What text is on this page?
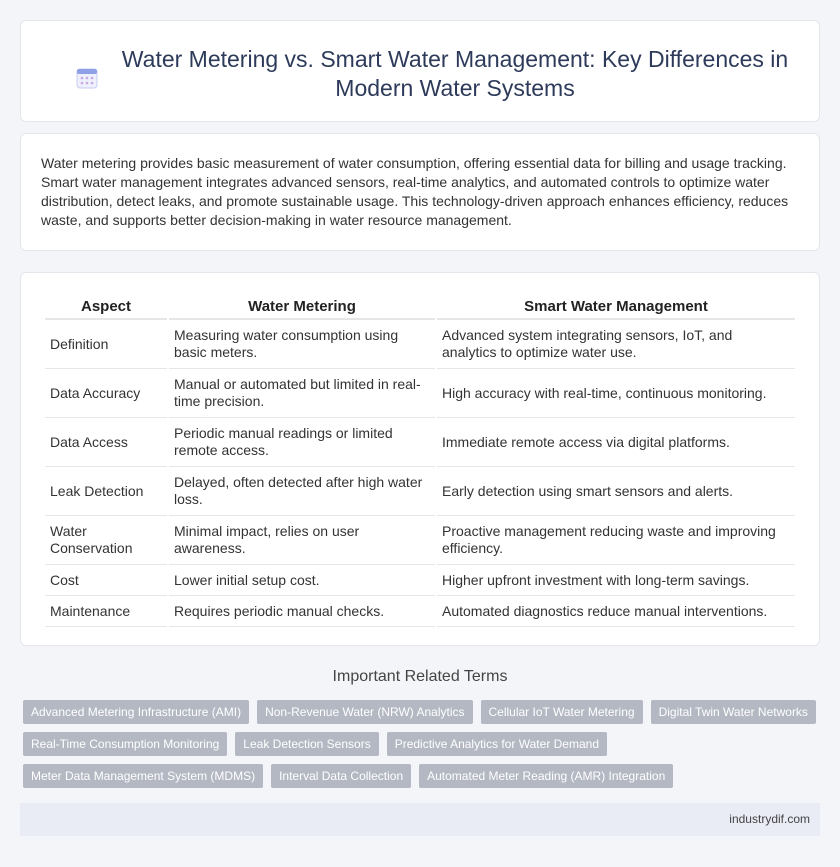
Water Metering vs. Smart Water Management: Key Differences in Modern Water Systems

Water metering provides basic measurement of water consumption, offering essential data for billing and usage tracking. Smart water management integrates advanced sensors, real-time analytics, and automated controls to optimize water distribution, detect leaks, and promote sustainable usage. This technology-driven approach enhances efficiency, reduces waste, and supports better decision-making in water resource management.

Aspect	Water Metering	Smart Water Management
Definition	Measuring water consumption using basic meters.	Advanced system integrating sensors, IoT, and analytics to optimize water use.
Data Accuracy	Manual or automated but limited in real-time precision.	High accuracy with real-time, continuous monitoring.
Data Access	Periodic manual readings or limited remote access.	Immediate remote access via digital platforms.
Leak Detection	Delayed, often detected after high water loss.	Early detection using smart sensors and alerts.
Water Conservation	Minimal impact, relies on user awareness.	Proactive management reducing waste and improving efficiency.
Cost	Lower initial setup cost.	Higher upfront investment with long-term savings.
Maintenance	Requires periodic manual checks.	Automated diagnostics reduce manual interventions.
Important Related Terms
Advanced Metering Infrastructure (AMI)	Non-Revenue Water (NRW) Analytics	Cellular IoT Water Metering	Digital Twin Water Networks
Real-Time Consumption Monitoring	Leak Detection Sensors	Predictive Analytics for Water Demand
Meter Data Management System (MDMS)	Interval Data Collection	Automated Meter Reading (AMR) Integration
industrydif.com
